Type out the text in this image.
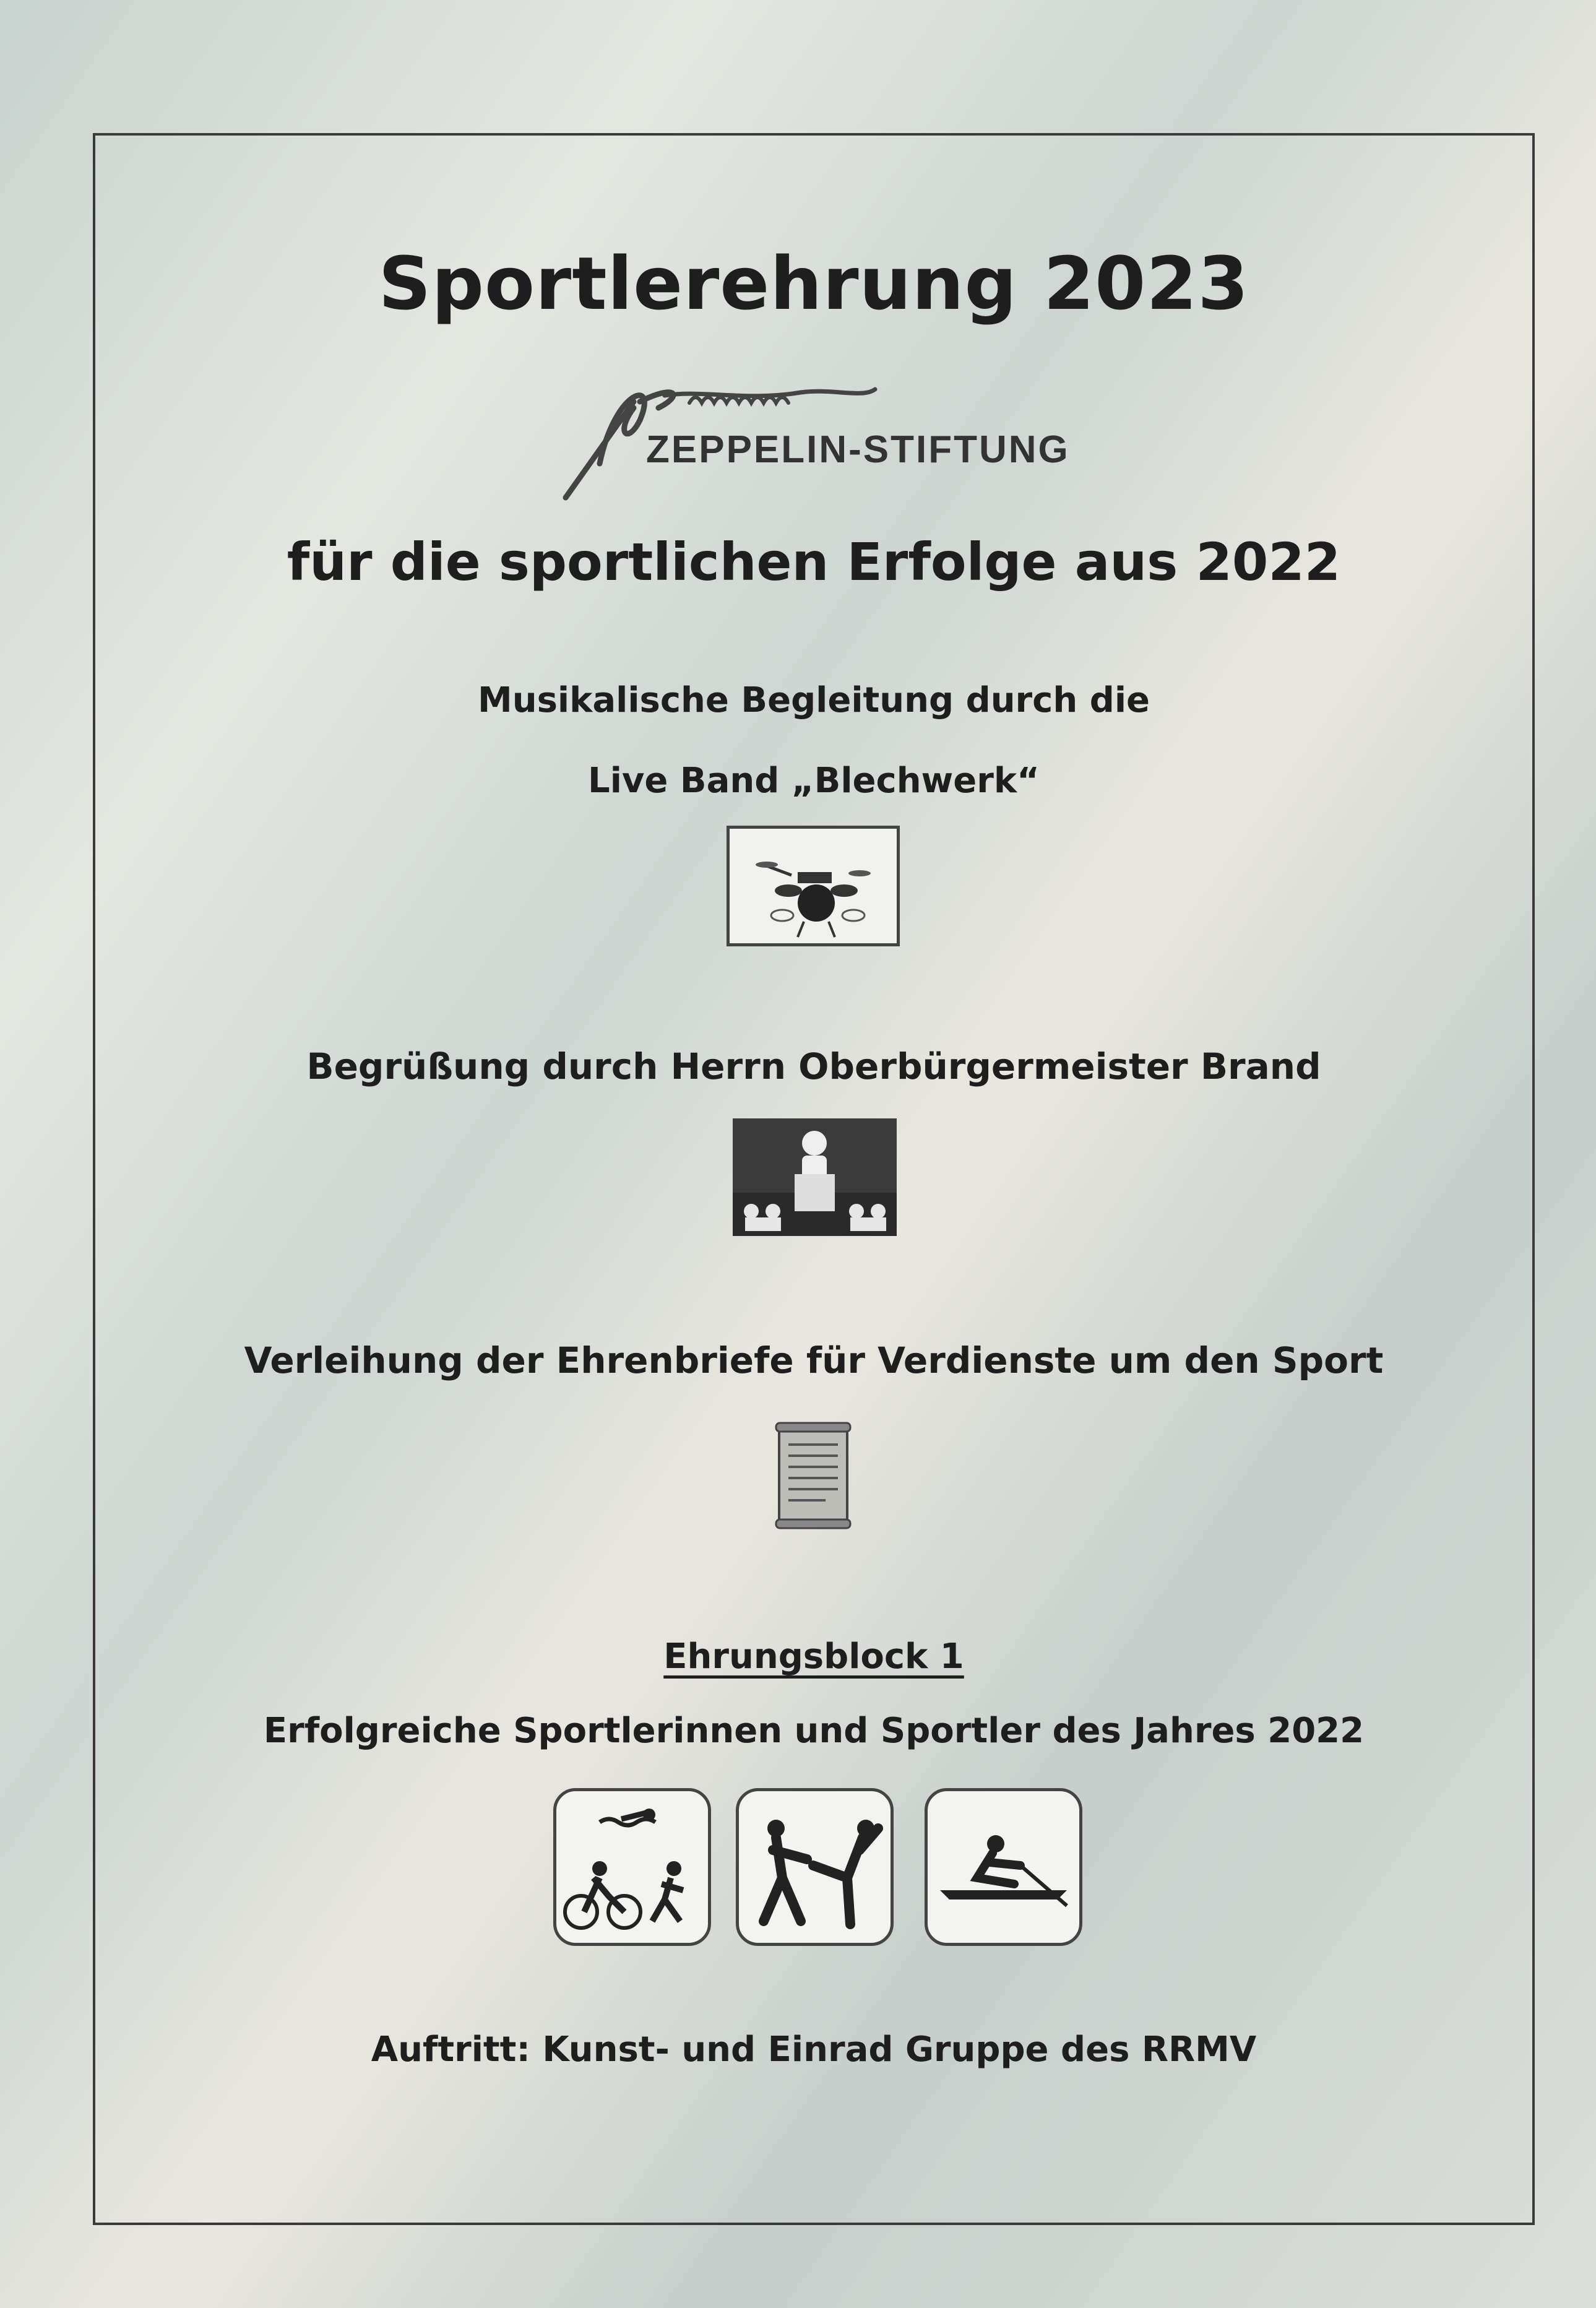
Sportlerehrung 2023
ZEPPELIN-STIFTUNG
für die sportlichen Erfolge aus 2022
Musikalische Begleitung durch die
Live Band „Blechwerk“
Begrüßung durch Herrn Oberbürgermeister Brand
Verleihung der Ehrenbriefe für Verdienste um den Sport
Ehrungsblock 1
Erfolgreiche Sportlerinnen und Sportler des Jahres 2022
Auftritt: Kunst- und Einrad Gruppe des RRMV
